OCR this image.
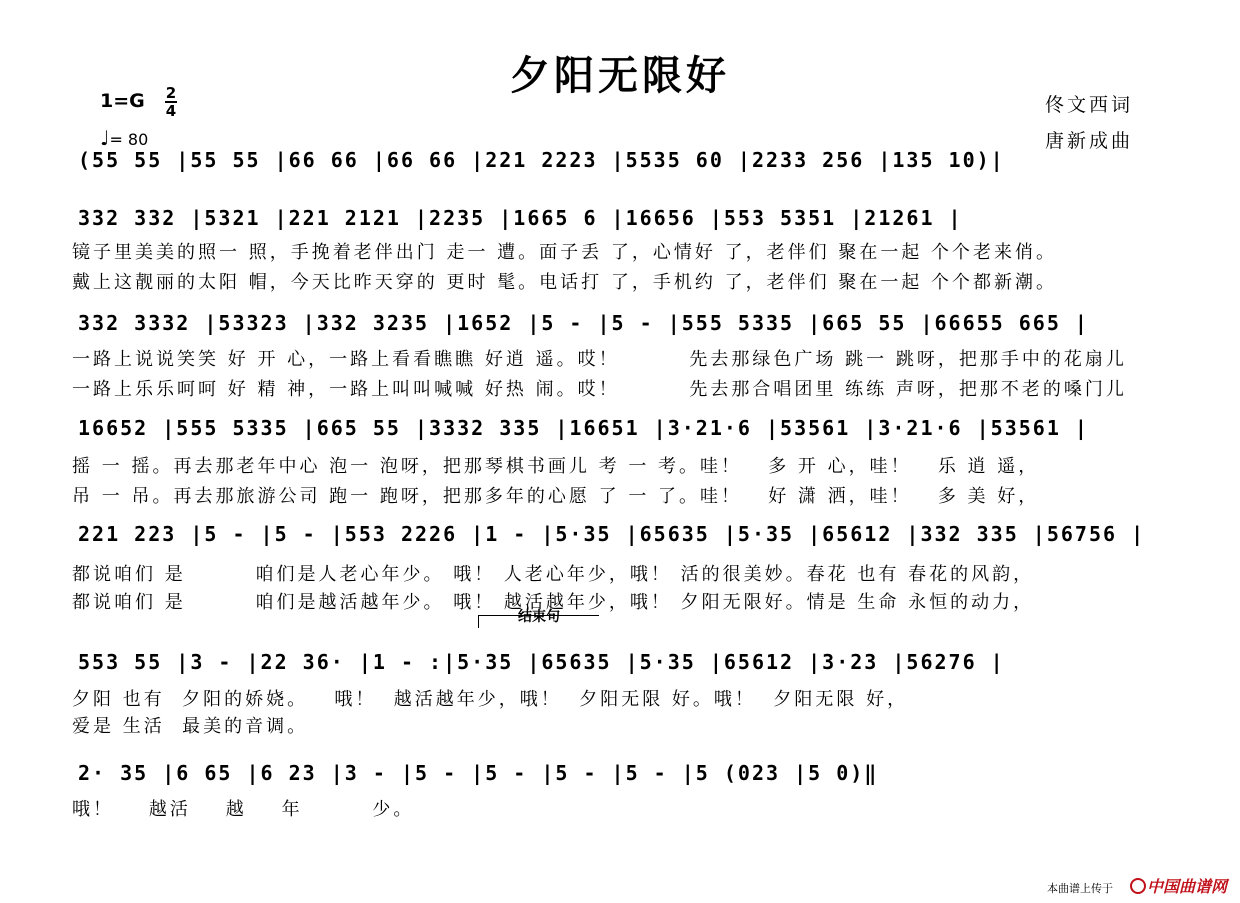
夕阳无限好
1=G 2
4
♩= 80
佟文西词
唐新成曲
(55 55 |55 55 |66 66 |66 66 |221 2223 |5535 60 |2233 256 |135 10)|
332 332 |5321 |221 2121 |2235 |1665 6 |16656 |553 5351 |21261 |
镜子里美美的照一 照，手挽着老伴出门 走一 遭。面子丢 了，心情好 了，老伴们 聚在一起 个个老来俏。
戴上这靓丽的太阳 帽，今天比昨天穿的 更时 髦。电话打 了，手机约 了，老伴们 聚在一起 个个都新潮。
332 3332 |53323 |332 3235 |1652 |5 - |5 - |555 5335 |665 55 |66655 665 |
一路上说说笑笑 好 开 心，一路上看看瞧瞧 好逍 遥。哎！        先去那绿色广场 跳一 跳呀，把那手中的花扇儿
一路上乐乐呵呵 好 精 神，一路上叫叫喊喊 好热 闹。哎！        先去那合唱团里 练练 声呀，把那不老的嗓门儿
16652 |555 5335 |665 55 |3332 335 |16651 |3·21·6 |53561 |3·21·6 |53561 |
摇 一 摇。再去那老年中心 泡一 泡呀，把那琴棋书画儿 考 一 考。哇！   多 开 心，哇！   乐 逍 遥，
吊 一 吊。再去那旅游公司 跑一 跑呀，把那多年的心愿 了 一 了。哇！   好 潇 洒，哇！   多 美 好，
221 223 |5 - |5 - |553 2226 |1 - |5·35 |65635 |5·35 |65612 |332 335 |56756 |
都说咱们 是        咱们是人老心年少。 哦！ 人老心年少，哦！ 活的很美妙。春花 也有 春花的风韵，
都说咱们 是        咱们是越活越年少。 哦！ 越活越年少，哦！ 夕阳无限好。情是 生命 永恒的动力，
结束句
553 55 |3 - |22 36· |1 - :|5·35 |65635 |5·35 |65612 |3·23 |56276 |
夕阳 也有  夕阳的娇娆。   哦！  越活越年少，哦！  夕阳无限 好。哦！  夕阳无限 好，
爱是 生活  最美的音调。
2· 35 |6 65 |6 23 |3 - |5 - |5 - |5 - |5 - |5 (023 |5 0)‖
哦！    越活    越    年        少。
本曲谱上传于 中国曲谱网
